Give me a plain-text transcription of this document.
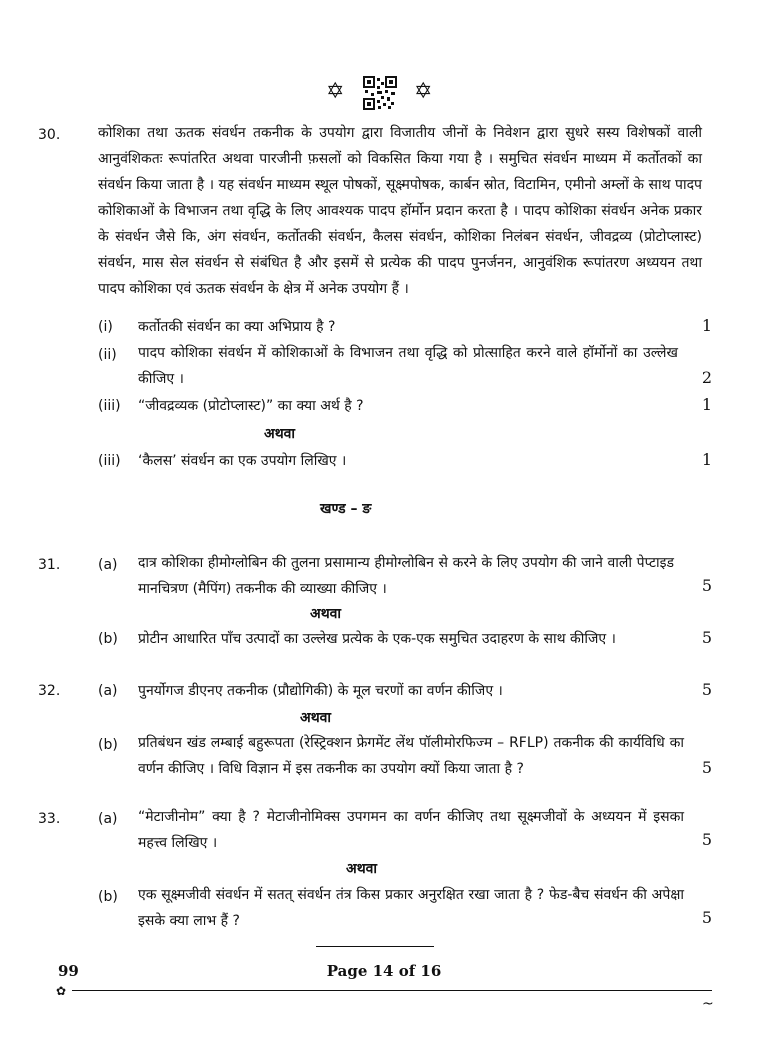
✡	✡
30.	कोशिका तथा ऊतक संवर्धन तकनीक के उपयोग द्वारा विजातीय जीनों के निवेशन द्वारा सुधरे सस्य विशेषकों वाली आनुवंशिकतः रूपांतरित अथवा पारजीनी फ़सलों को विकसित किया गया है । समुचित संवर्धन माध्यम में कर्तोतकों का संवर्धन किया जाता है । यह संवर्धन माध्यम स्थूल पोषकों, सूक्ष्मपोषक, कार्बन स्रोत, विटामिन, एमीनो अम्लों के साथ पादप कोशिकाओं के विभाजन तथा वृद्धि के लिए आवश्यक पादप हॉर्मोन प्रदान करता है । पादप कोशिका संवर्धन अनेक प्रकार के संवर्धन जैसे कि, अंग संवर्धन, कर्तोतकी संवर्धन, कैलस संवर्धन, कोशिका निलंबन संवर्धन, जीवद्रव्य (प्रोटोप्लास्ट) संवर्धन, मास सेल संवर्धन से संबंधित है और इसमें से प्रत्येक की पादप पुनर्जनन, आनुवंशिक रूपांतरण अध्ययन तथा पादप कोशिका एवं ऊतक संवर्धन के क्षेत्र में अनेक उपयोग हैं ।

(i) कर्तोतकी संवर्धन का क्या अभिप्राय है ?	1
(ii) पादप कोशिका संवर्धन में कोशिकाओं के विभाजन तथा वृद्धि को प्रोत्साहित करने वाले हॉर्मोनों का उल्लेख कीजिए ।	2
(iii) “जीवद्रव्यक (प्रोटोप्लास्ट)” का क्या अर्थ है ?	1
अथवा
(iii) ‘कैलस’ संवर्धन का एक उपयोग लिखिए ।	1
खण्ड – ङ
31.	(a) दात्र कोशिका हीमोग्लोबिन की तुलना प्रसामान्य हीमोग्लोबिन से करने के लिए उपयोग की जाने वाली पेप्टाइड मानचित्रण (मैपिंग) तकनीक की व्याख्या कीजिए ।	5
अथवा
(b) प्रोटीन आधारित पाँच उत्पादों का उल्लेख प्रत्येक के एक-एक समुचित उदाहरण के साथ कीजिए ।	5
32.	(a) पुनर्योगज डीएनए तकनीक (प्रौद्योगिकी) के मूल चरणों का वर्णन कीजिए ।	5
अथवा
(b) प्रतिबंधन खंड लम्बाई बहुरूपता (रेस्ट्रिक्शन फ्रेगमेंट लेंथ पॉलीमोरफिज्म – RFLP) तकनीक की कार्यविधि का वर्णन कीजिए । विधि विज्ञान में इस तकनीक का उपयोग क्यों किया जाता है ?	5
33.	(a) “मेटाजीनोम” क्या है ? मेटाजीनोमिक्स उपगमन का वर्णन कीजिए तथा सूक्ष्मजीवों के अध्ययन में इसका महत्त्व लिखिए ।	5
अथवा
(b) एक सूक्ष्मजीवी संवर्धन में सतत् संवर्धन तंत्र किस प्रकार अनुरक्षित रखा जाता है ? फेड-बैच संवर्धन की अपेक्षा इसके क्या लाभ हैं ?	5
99	Page 14 of 16
✿
~
